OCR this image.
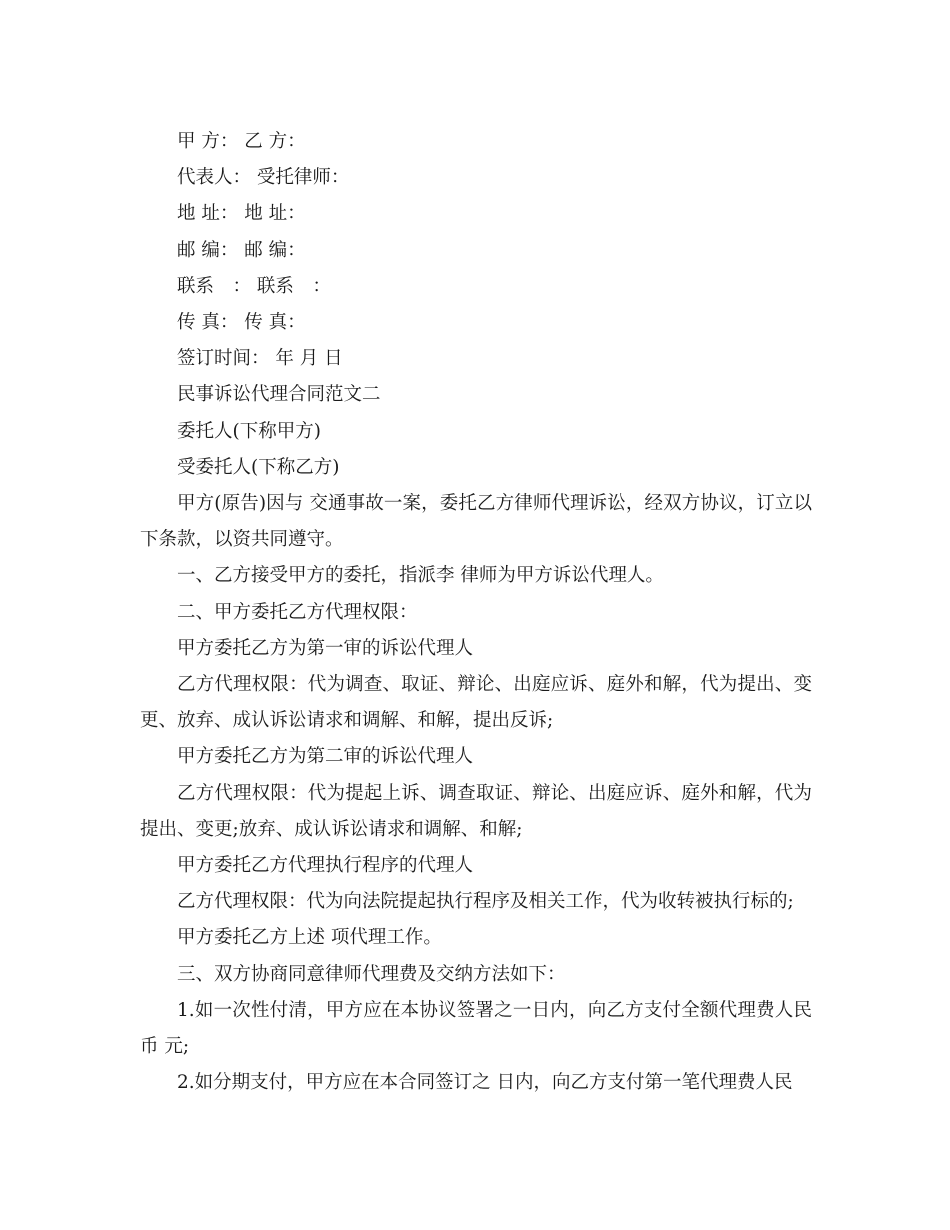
甲 方： 乙 方：

代表人： 受托律师：

地 址： 地 址：

邮 编： 邮 编：

联系　： 联系　：

传 真： 传 真：

签订时间： 年 月 日

民事诉讼代理合同范文二

委托人(下称甲方)

受委托人(下称乙方)

甲方(原告)因与 交通事故一案，委托乙方律师代理诉讼，经双方协议，订立以下条款，以资共同遵守。

一、乙方接受甲方的委托，指派李 律师为甲方诉讼代理人。

二、甲方委托乙方代理权限：

甲方委托乙方为第一审的诉讼代理人

乙方代理权限：代为调查、取证、辩论、出庭应诉、庭外和解，代为提出、变更、放弃、成认诉讼请求和调解、和解，提出反诉;

甲方委托乙方为第二审的诉讼代理人

乙方代理权限：代为提起上诉、调查取证、辩论、出庭应诉、庭外和解，代为提出、变更;放弃、成认诉讼请求和调解、和解;

甲方委托乙方代理执行程序的代理人

乙方代理权限：代为向法院提起执行程序及相关工作，代为收转被执行标的;

甲方委托乙方上述 项代理工作。

三、双方协商同意律师代理费及交纳方法如下：

1.如一次性付清，甲方应在本协议签署之一日内，向乙方支付全额代理费人民币 元;

2.如分期支付，甲方应在本合同签订之 日内，向乙方支付第一笔代理费人民
